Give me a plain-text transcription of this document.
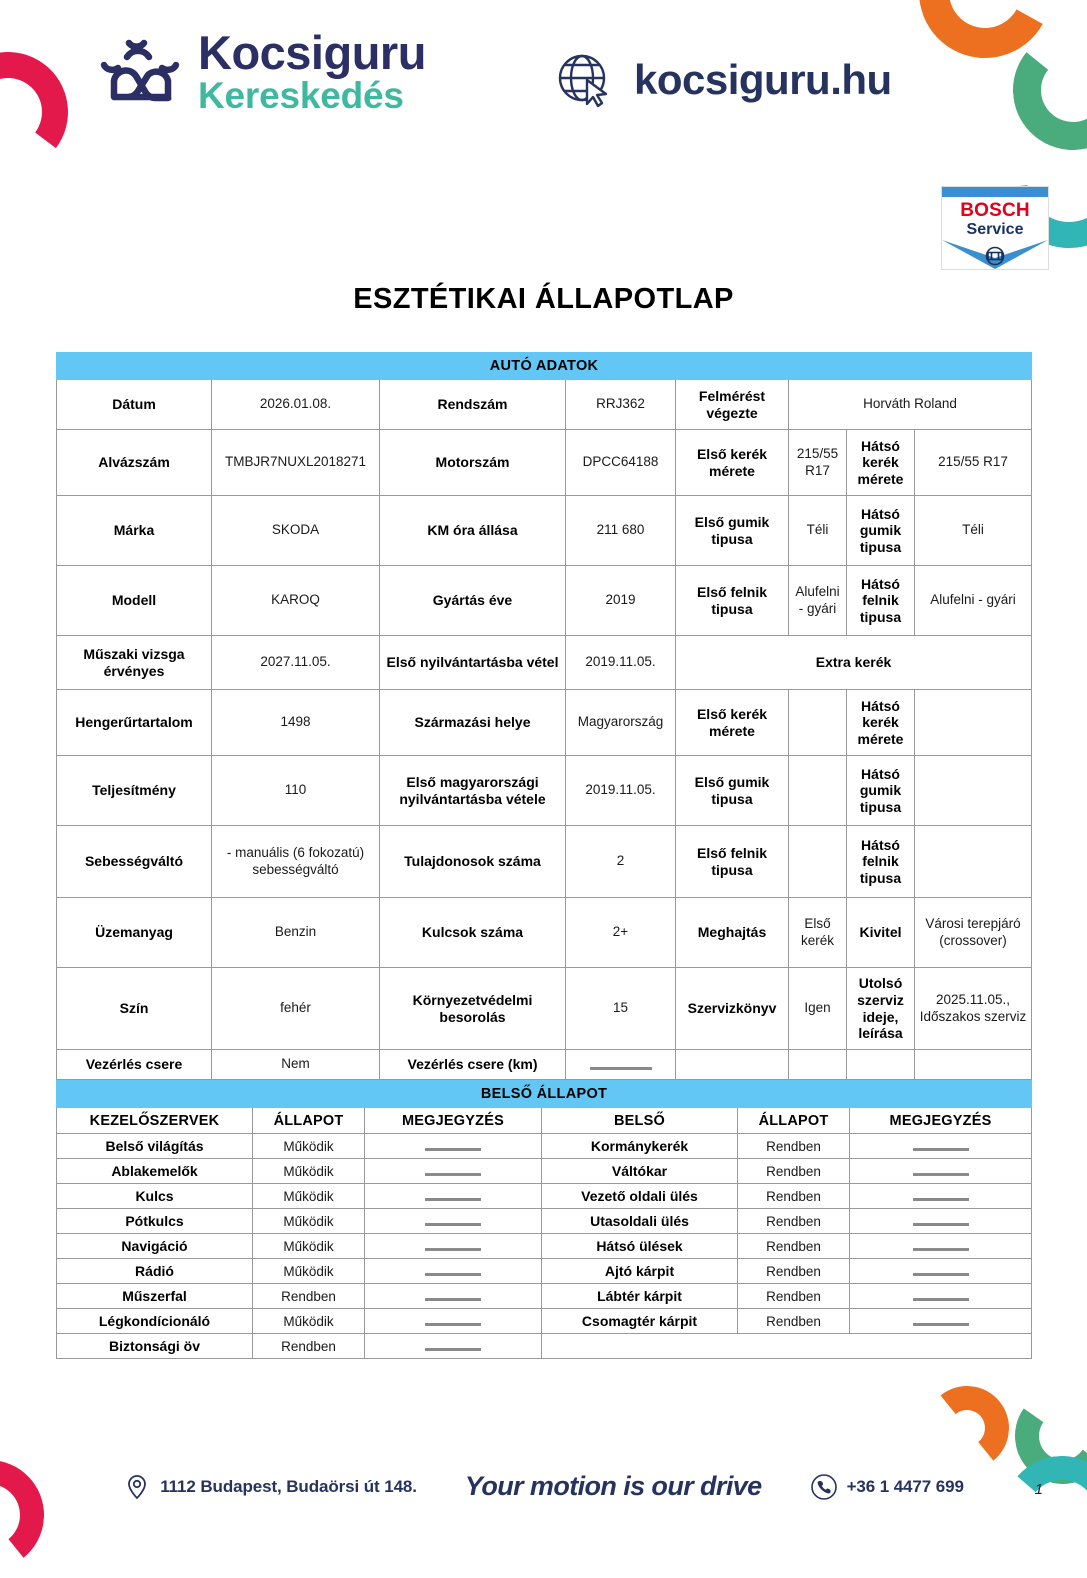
Kocsiguru
Kereskedés	kocsiguru.hu
BOSCH
Service
ESZTÉTIKAI ÁLLAPOTLAP
AUTÓ ADATOK							
Dátum	2026.01.08.	Rendszám	RRJ362	Felmérést végezte	Horváth Roland		
Alvázszám	TMBJR7NUXL2018271	Motorszám	DPCC64188	Első kerék mérete	215/55 R17	Hátsó kerék mérete	215/55 R17
Márka	SKODA	KM óra állása	211 680	Első gumik tipusa	Téli	Hátsó gumik tipusa	Téli
Modell	KAROQ	Gyártás éve	2019	Első felnik tipusa	Alufelni - gyári	Hátsó felnik tipusa	Alufelni - gyári
Műszaki vizsga érvényes	2027.11.05.	Első nyilvántartásba vétel	2019.11.05.	Extra kerék			
Hengerűrtartalom	1498	Származási helye	Magyarország	Első kerék mérete		Hátsó kerék mérete	
Teljesítmény	110	Első magyarországi nyilvántartásba vétele	2019.11.05.	Első gumik tipusa		Hátsó gumik tipusa	
Sebességváltó	- manuális (6 fokozatú) sebességváltó	Tulajdonosok száma	2	Első felnik tipusa		Hátsó felnik tipusa	
Üzemanyag	Benzin	Kulcsok száma	2+	Meghajtás	Első kerék	Kivitel	Városi terepjáró (crossover)
Szín	fehér	Környezetvédelmi besorolás	15	Szervizkönyv	Igen	Utolsó szerviz ideje, leírása	2025.11.05., Időszakos szerviz
Vezérlés csere	Nem	Vezérlés csere (km)					
BELSŐ ÁLLAPOT					
KEZELŐSZERVEK	ÁLLAPOT	MEGJEGYZÉS	BELSŐ	ÁLLAPOT	MEGJEGYZÉS
Belső világítás	Működik		Kormánykerék	Rendben	
Ablakemelők	Működik		Váltókar	Rendben	
Kulcs	Működik		Vezető oldali ülés	Rendben	
Pótkulcs	Működik		Utasoldali ülés	Rendben	
Navigáció	Működik		Hátsó ülések	Rendben	
Rádió	Működik		Ajtó kárpit	Rendben	
Műszerfal	Rendben		Lábtér kárpit	Rendben	
Légkondícionáló	Működik		Csomagtér kárpit	Rendben	
Biztonsági öv	Rendben				
1112 Budapest, Budaörsi út 148. Your motion is our drive	+36 1 4477 699	1
